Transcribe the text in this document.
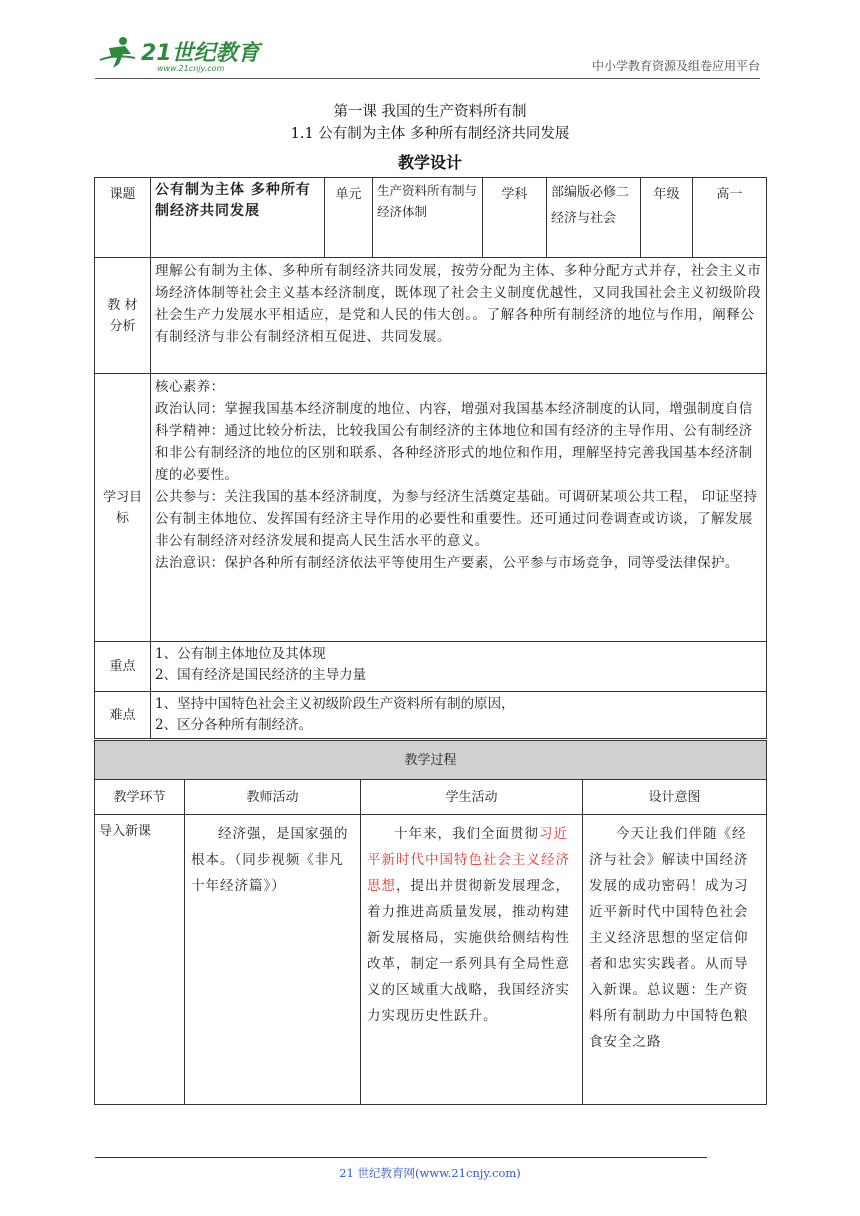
21世纪教育
www.21cnjy.com	中小学教育资源及组卷应用平台
第一课 我国的生产资料所有制
1.1 公有制为主体 多种所有制经济共同发展
教学设计
课题	公有制为主体 多种所有制经济共同发展	单元	生产资料所有制与经济体制	学科	部编版必修二 经济与社会	年级	高一
教 材 分析	理解公有制为主体、多种所有制经济共同发展，按劳分配为主体、多种分配方式并存，社会主义市场经济体制等社会主义基本经济制度，既体现了社会主义制度优越性，又同我国社会主义初级阶段社会生产力发展水平相适应，是党和人民的伟大创。。了解各种所有制经济的地位与作用，阐释公有制经济与非公有制经济相互促进、共同发展。						
学习目标	核心素养：
政治认同：掌握我国基本经济制度的地位、内容，增强对我国基本经济制度的认同，增强制度自信
科学精神：通过比较分析法，比较我国公有制经济的主体地位和国有经济的主导作用、公有制经济和非公有制经济的地位的区别和联系、各种经济形式的地位和作用，理解坚持完善我国基本经济制度的必要性。
公共参与：关注我国的基本经济制度，为参与经济生活奠定基础。可调研某项公共工程， 印证坚持公有制主体地位、发挥国有经济主导作用的必要性和重要性。还可通过问卷调查或访谈，了解发展非公有制经济对经济发展和提高人民生活水平的意义。
法治意识：保护各种所有制经济依法平等使用生产要素，公平参与市场竞争，同等受法律保护。						

重点	1、公有制主体地位及其体现
2、国有经济是国民经济的主导力量						

难点	1、坚持中国特色社会主义初级阶段生产资料所有制的原因，
2、区分各种所有制经济。						
教学过程			
教学环节	教师活动	学生活动	设计意图
导入新课	经济强，是国家强的根本。（同步视频《非凡十年经济篇》）	十年来，我们全面贯彻习近平新时代中国特色社会主义经济思想，提出并贯彻新发展理念，着力推进高质量发展，推动构建新发展格局，实施供给侧结构性改革，制定一系列具有全局性意义的区域重大战略，我国经济实力实现历史性跃升。	今天让我们伴随《经济与社会》解读中国经济发展的成功密码！成为习近平新时代中国特色社会主义经济思想的坚定信仰者和忠实实践者。从而导入新课。总议题：生产资料所有制助力中国特色粮食安全之路
21 世纪教育网(www.21cnjy.com)
